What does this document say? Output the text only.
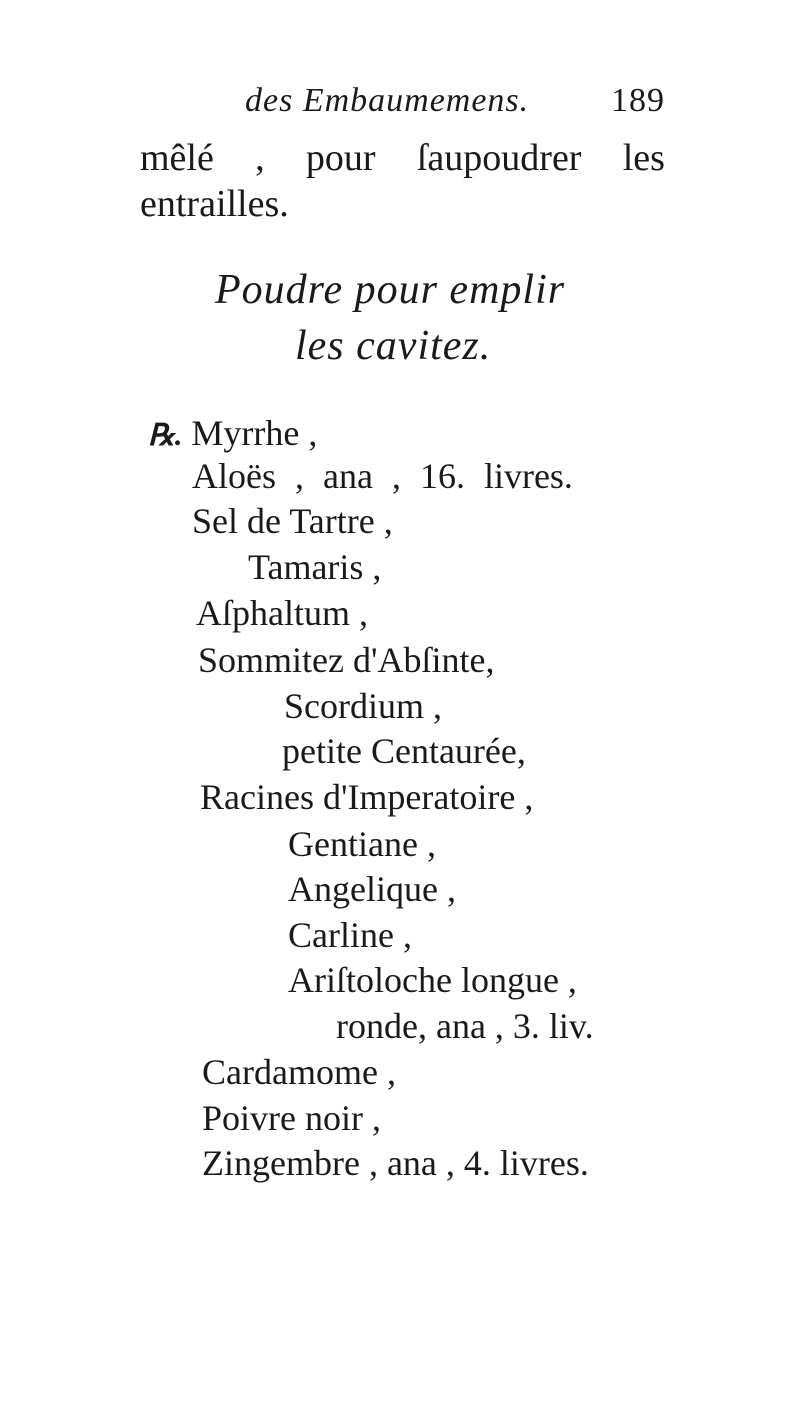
des Embaumemens. 189
mêlé , pour ſaupoudrer les
entrailles.
Poudre pour emplir
les cavitez.
℞. Myrrhe ,
Aloës , ana , 16. livres.
Sel de Tartre ,
Tamaris ,
Aſphaltum ,
Sommitez d'Abſinte,
Scordium ,
petite Centaurée,
Racines d'Imperatoire ,
Gentiane ,
Angelique ,
Carline ,
Ariſtoloche longue ,
ronde, ana , 3. liv.
Cardamome ,
Poivre noir ,
Zingembre , ana , 4. livres.
